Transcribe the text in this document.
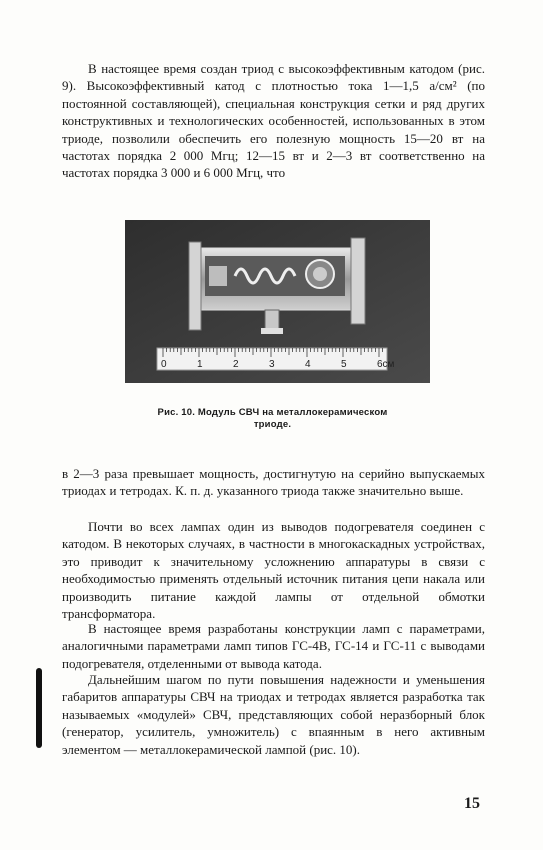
В настоящее время создан триод с высокоэффективным катодом (рис. 9). Высокоэффективный катод с плотностью тока 1—1,5 а/см² (по постоянной составляющей), специальная конструкция сетки и ряд других конструктивных и технологических особенностей, использованных в этом триоде, позволили обеспечить его полезную мощность 15—20 вт на частотах порядка 2 000 Мгц; 12—15 вт и 2—3 вт соответственно на частотах порядка 3 000 и 6 000 Мгц, что

0	1	2	3	4	5	6см
Рис. 10. Модуль СВЧ на металлокерамическом
триоде.

в 2—3 раза превышает мощность, достигнутую на серийно выпускаемых триодах и тетродах. К. п. д. указанного триода также значительно выше.

Почти во всех лампах один из выводов подогревателя соединен с катодом. В некоторых случаях, в частности в многокаскадных устройствах, это приводит к значительному усложнению аппаратуры в связи с необходимостью применять отдельный источник питания цепи накала или производить питание каждой лампы от отдельной обмотки трансформатора.

В настоящее время разработаны конструкции ламп с параметрами, аналогичными параметрами ламп типов ГС-4В, ГС-14 и ГС-11 с выводами подогревателя, отделенными от вывода катода.

Дальнейшим шагом по пути повышения надежности и уменьшения габаритов аппаратуры СВЧ на триодах и тетродах является разработка так называемых «модулей» СВЧ, представляющих собой неразборный блок (генератор, усилитель, умножитель) с впаянным в него активным элементом — металлокерамической лампой (рис. 10).

15
